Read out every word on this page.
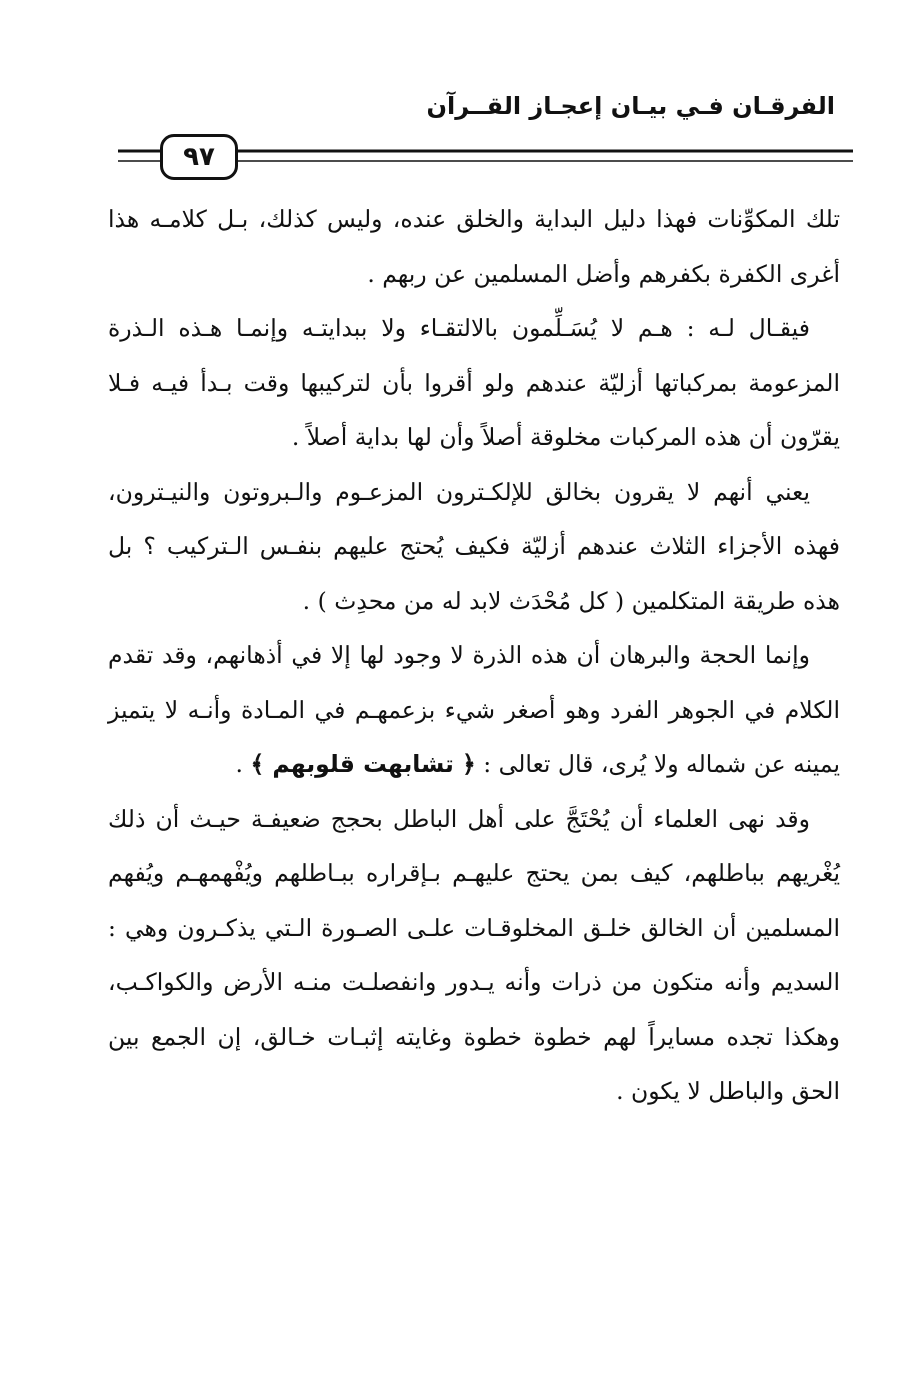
الفرقـان فـي بيـان إعجـاز القــرآن
٩٧

تلك المكوِّنات فهذا دليل البداية والخلق عنده، وليس كذلك، بـل كلامـه هذا أغرى الكفرة بكفرهم وأضل المسلمين عن ربهم .

فيقـال لـه : هـم لا يُسَـلِّمون بالالتقـاء ولا ببدايتـه وإنمـا هـذه الـذرة المزعومة بمركباتها أزليّة عندهم ولو أقروا بأن لتركيبها وقت بـدأ فيـه فـلا يقرّون أن هذه المركبات مخلوقة أصلاً وأن لها بداية أصلاً .

يعني أنهم لا يقرون بخالق للإلكـترون المزعـوم والـبروتون والنيـترون، فهذه الأجزاء الثلاث عندهم أزليّة فكيف يُحتج عليهم بنفـس الـتركيب ؟ بل هذه طريقة المتكلمين ( كل مُحْدَث لابد له من محدِث ) .

وإنما الحجة والبرهان أن هذه الذرة لا وجود لها إلا في أذهانهم، وقد تقدم الكلام في الجوهر الفرد وهو أصغر شيء بزعمهـم في المـادة وأنـه لا يتميز يمينه عن شماله ولا يُرى، قال تعالى : ﴿ تشابهت قلوبهم ﴾ .

وقد نهى العلماء أن يُحْتَجَّ على أهل الباطل بحجج ضعيفـة حيـث أن ذلك يُغْريهم بباطلهم، كيف بمن يحتج عليهـم بـإقراره ببـاطلهم ويُفْهمهـم ويُفهم المسلمين أن الخالق خلـق المخلوقـات علـى الصـورة الـتي يذكـرون وهي : السديم وأنه متكون من ذرات وأنه يـدور وانفصلـت منـه الأرض والكواكـب، وهكذا تجده مسايراً لهم خطوة خطوة وغايته إثبـات خـالق، إن الجمع بين الحق والباطل لا يكون .
